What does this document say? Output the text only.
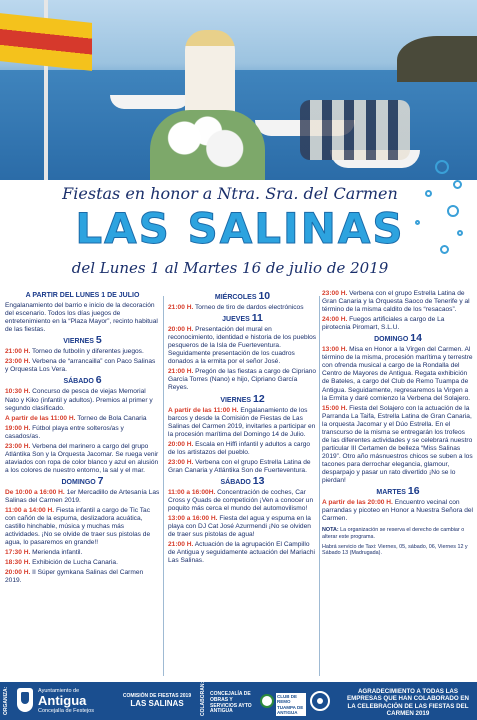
Fiestas en honor a Ntra. Sra. del Carmen
LAS SALINAS
del Lunes 1 al Martes 16 de julio de 2019
A PARTIR DEL LUNES 1 DE JULIO
Engalanamiento del barrio e inicio de la decoración del escenario. Todos los días juegos de entretenimiento en la “Plaza Mayor”, recinto habitual de las fiestas.
VIERNES 5
21:00 H. Torneo de futbolín y diferentes juegos.
23:00 H. Verbena de “arrancailla” con Paco Salinas y Orquesta Los Vera.
SÁBADO 6
10:30 H. Concurso de pesca de viejas Memorial Nato y Kiko (infantil y adultos). Premios al primer y segundo clasificado.
A partir de las 11:00 H. Torneo de Bola Canaria
19:00 H. Fútbol playa entre solteros/as y casados/as.
23:00 H. Verbena del marinero a cargo del grupo Atlántika Son y la Orquesta Jacomar. Se ruega venir ataviados con ropa de color blanco y azul en alusión a los colores de nuestro entorno, la sal y el mar.
DOMINGO 7
De 10:00 a 16:00 H. 1er Mercadillo de Artesanía Las Salinas del Carmen 2019.
11:00 a 14:00 H. Fiesta infantil a cargo de Tic Tac con cañón de la espuma, deslizadora acuática, castillo hinchable, música y muchas más actividades. ¡No se olvide de traer sus pistolas de agua, lo pasaremos en grande!!
17:30 H. Merienda infantil.
18:30 H. Exhibición de Lucha Canaria.
20:00 H. II Súper gymkana Salinas del Carmen 2019.
MIÉRCOLES 10
21:00 H. Torneo de tiro de dardos electrónicos
JUEVES 11
20:00 H. Presentación del mural en reconocimiento, identidad e historia de los pueblos pesqueros de la Isla de Fuerteventura. Seguidamente presentación de los cuadros donados a la ermita por el señor José.
21:00 H. Pregón de las fiestas a cargo de Cipriano García Torres (Nano) e hijo, Cipriano García Reyes.
VIERNES 12
A partir de las 11:00 H. Engalanamiento de los barcos y desde la Comisión de Fiestas de Las Salinas del Carmen 2019, invitarles a participar en la procesión marítima del Domingo 14 de Julio.
20:00 H. Escala en Hiffi infantil y adultos a cargo de los artistazos del pueblo.
23:00 H. Verbena con el grupo Estrella Latina de Gran Canaria y Atlántika Son de Fuerteventura.
SÁBADO 13
11:00 a 16:00H. Concentración de coches, Car Cross y Quads de competición ¡Ven a conocer un poquito más cerca el mundo del automovilismo!
13:00 a 16:00 H. Fiesta del agua y espuma en la playa con DJ Cat José Azurmendi ¡No se olviden de traer sus pistolas de agua!
21:00 H. Actuación de la agrupación El Campillo de Antigua y seguidamente actuación del Mariachi Las Salinas.
23:00 H. Verbena con el grupo Estrella Latina de Gran Canaria y la Orquesta Saoco de Tenerife y al término de la misma caldito de los “resacaos”.
24:00 H. Fuegos artificiales a cargo de La pirotecnia Piromart, S.L.U.
DOMINGO 14
13:00 H. Misa en Honor a la Virgen del Carmen. Al término de la misma, procesión marítima y terrestre con ofrenda musical a cargo de la Rondalla del Centro de Mayores de Antigua. Regata exhibición de Bateles, a cargo del Club de Remo Tuampa de Antigua. Seguidamente, regresaremos la Virgen a la Ermita y daré comienzo la Verbena del Solajero.
15:00 H. Fiesta del Solajero con la actuación de la Parranda La Taifa, Estrella Latina de Gran Canaria, la orquesta Jacomar y el Dúo Estrella. En el transcurso de la misma se entregarán los trofeos de las diferentes actividades y se celebrará nuestro particular III Certamen de belleza “Miss Salinas 2019”. Otro año másnuestros chicos se suben a los tacones para derrochar elegancia, glamour, desparpajo y pasar un rato divertido ¡No se lo pierdan!
MARTES 16
A partir de las 20:00 H. Encuentro vecinal con parrandas y picoteo en Honor a Nuestra Señora del Carmen.
NOTA: La organización se reserva el derecho de cambiar o alterar este programa.
Habrá servicio de Taxi: Viernes, 05, sábado, 06, Viernes 12 y Sábado 13 (Madrugada).
ORGANIZA:	Ayuntamiento de
Antigua
Concejalía de Festejos
COMISIÓN DE FIESTAS 2019
LAS SALINAS	COLABORAN: CONCEJALÍA DE OBRAS Y SERVICIOS AYTO ANTIGUA
CLUB DE REMO TUAMPA DE ANTIGUA
AGRADECIMIENTO A TODAS LAS EMPRESAS QUE HAN COLABORADO EN LA CELEBRACIÓN DE LAS FIESTAS DEL CARMEN 2019
